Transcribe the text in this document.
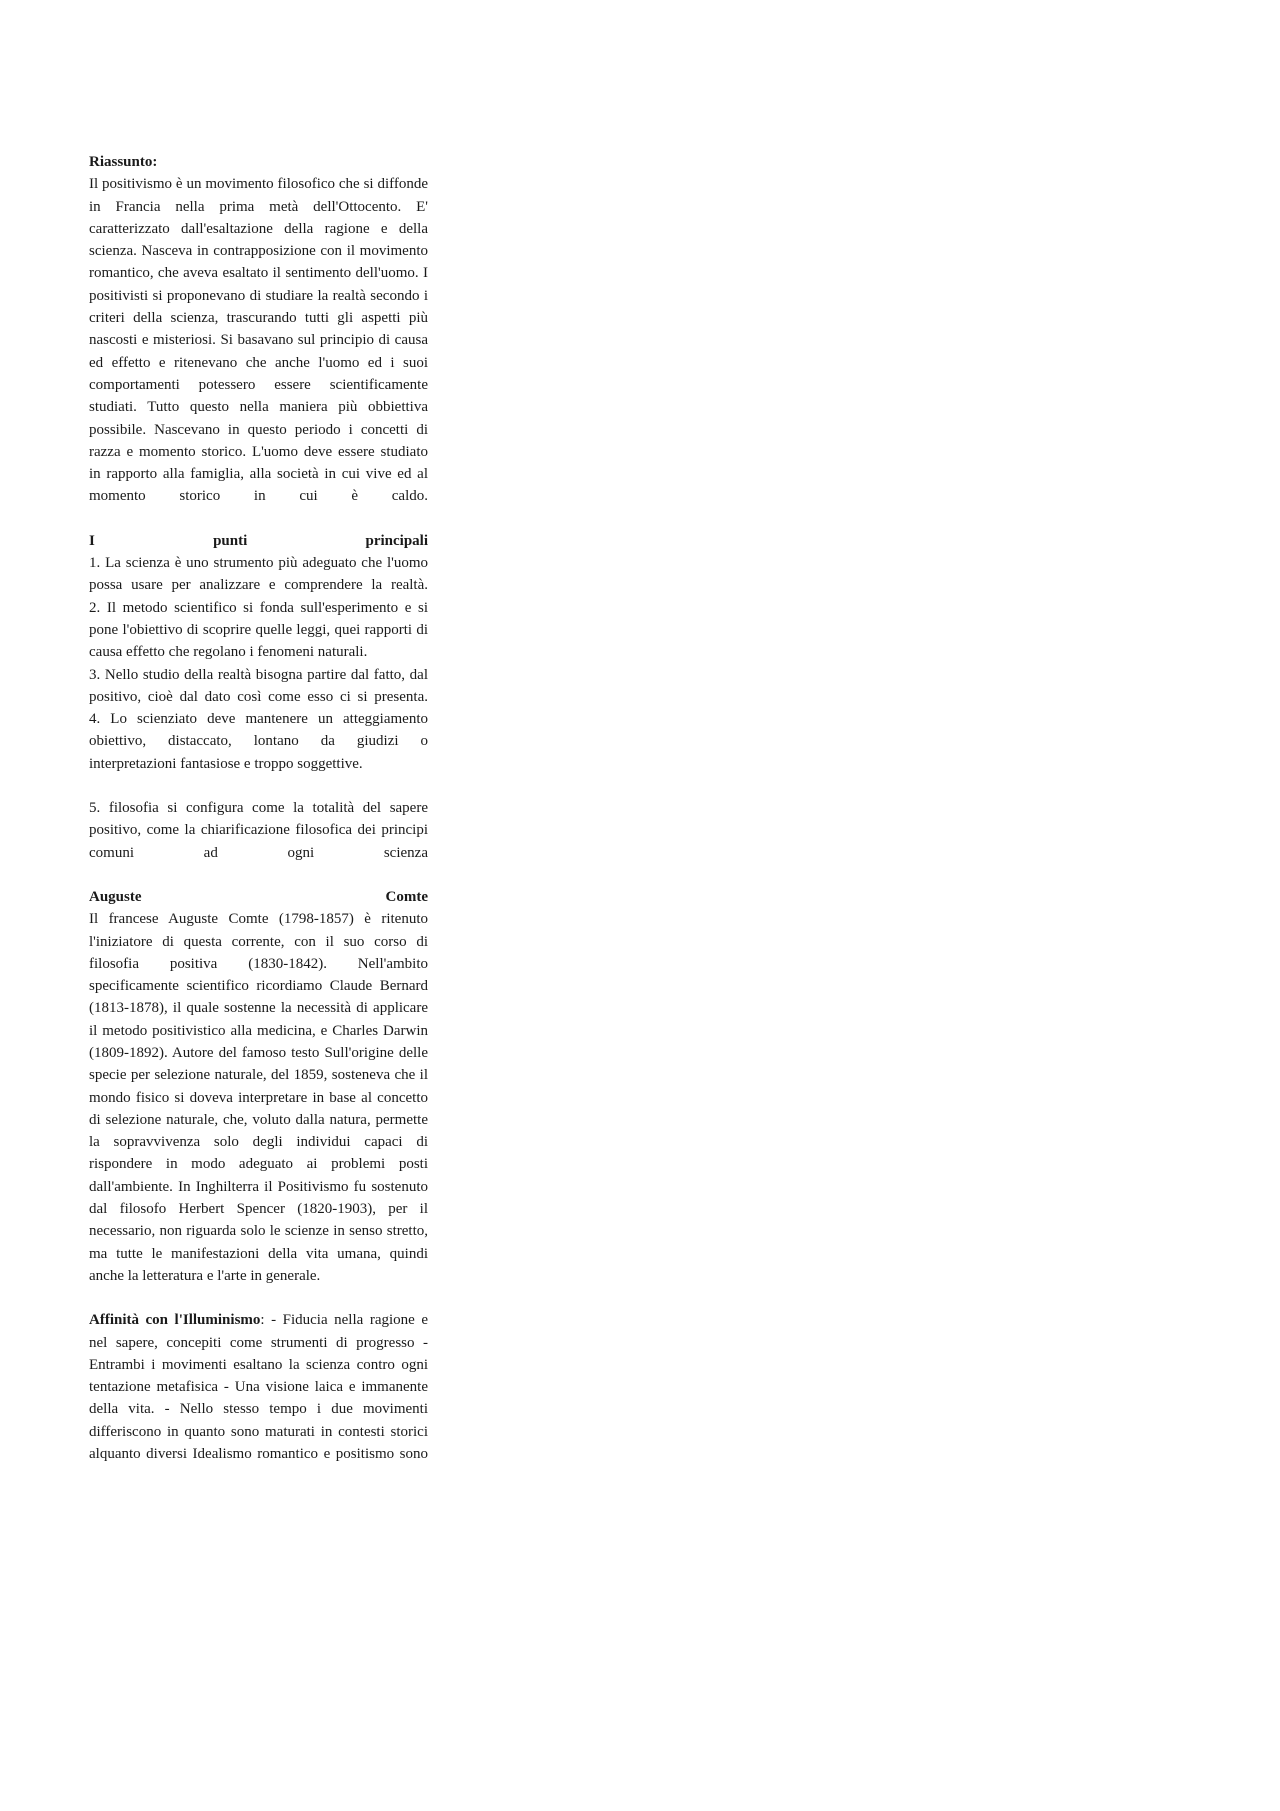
Riassunto:

Il positivismo è un movimento filosofico che si diffonde in Francia nella prima metà dell'Ottocento. E' caratterizzato dall'esaltazione della ragione e della scienza. Nasceva in contrapposizione con il movimento romantico, che aveva esaltato il sentimento dell'uomo. I positivisti si proponevano di studiare la realtà secondo i criteri della scienza, trascurando tutti gli aspetti più nascosti e misteriosi. Si basavano sul principio di causa ed effetto e ritenevano che anche l'uomo ed i suoi comportamenti potessero essere scientificamente studiati. Tutto questo nella maniera più obbiettiva possibile. Nascevano in questo periodo i concetti di razza e momento storico. L'uomo deve essere studiato in rapporto alla famiglia, alla società in cui vive ed al momento storico in cui è caldo.

I punti principali

1. La scienza è uno strumento più adeguato che l'uomo possa usare per analizzare e comprendere la realtà.

2. Il metodo scientifico si fonda sull'esperimento e si pone l'obiettivo di scoprire quelle leggi, quei rapporti di causa effetto che regolano i fenomeni naturali.

3. Nello studio della realtà bisogna partire dal fatto, dal positivo, cioè dal dato così come esso ci si presenta.

4. Lo scienziato deve mantenere un atteggiamento obiettivo, distaccato, lontano da giudizi o interpretazioni fantasiose e troppo soggettive.

5. filosofia si configura come la totalità del sapere positivo, come la chiarificazione filosofica dei principi comuni ad ogni scienza

Auguste Comte

Il francese Auguste Comte (1798-1857) è ritenuto l'iniziatore di questa corrente, con il suo corso di filosofia positiva (1830-1842). Nell'ambito specificamente scientifico ricordiamo Claude Bernard (1813-1878), il quale sostenne la necessità di applicare il metodo positivistico alla medicina, e Charles Darwin (1809-1892). Autore del famoso testo Sull'origine delle specie per selezione naturale, del 1859, sosteneva che il mondo fisico si doveva interpretare in base al concetto di selezione naturale, che, voluto dalla natura, permette la sopravvivenza solo degli individui capaci di rispondere in modo adeguato ai problemi posti dall'ambiente. In Inghilterra il Positivismo fu sostenuto dal filosofo Herbert Spencer (1820-1903), per il necessario, non riguarda solo le scienze in senso stretto, ma tutte le manifestazioni della vita umana, quindi anche la letteratura e l'arte in generale.

Affinità con l'Illuminismo: - Fiducia nella ragione e nel sapere, concepiti come strumenti di progresso - Entrambi i movimenti esaltano la scienza contro ogni tentazione metafisica - Una visione laica e immanente della vita. - Nello stesso tempo i due movimenti differiscono in quanto sono maturati in contesti storici alquanto diversi Idealismo romantico e positismo sono
